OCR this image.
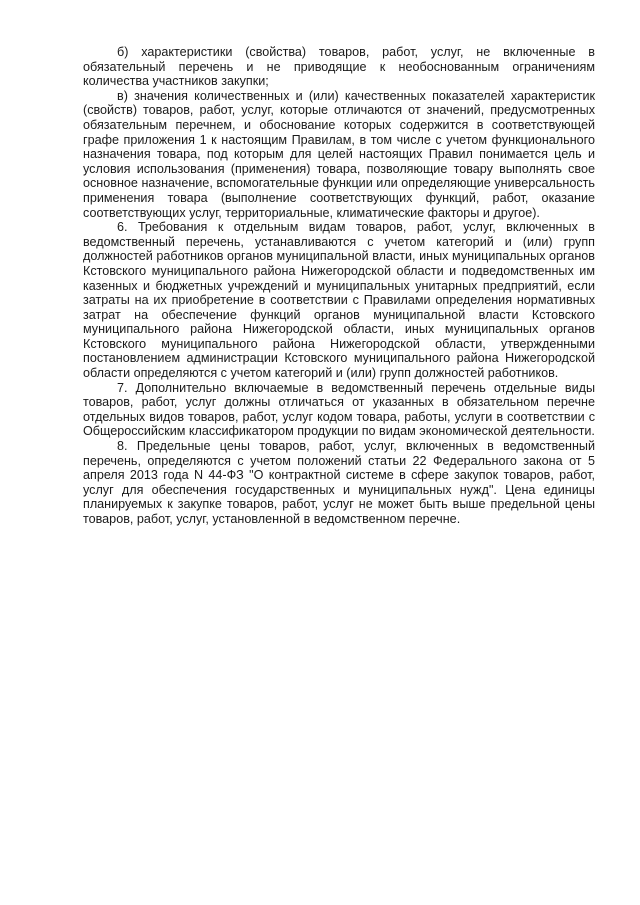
б) характеристики (свойства) товаров, работ, услуг, не включенные в обязательный перечень и не приводящие к необоснованным ограничениям количества участников закупки;

в) значения количественных и (или) качественных показателей характеристик (свойств) товаров, работ, услуг, которые отличаются от значений, предусмотренных обязательным перечнем, и обоснование которых содержится в соответствующей графе приложения 1 к настоящим Правилам, в том числе с учетом функционального назначения товара, под которым для целей настоящих Правил понимается цель и условия использования (применения) товара, позволяющие товару выполнять свое основное назначение, вспомогательные функции или определяющие универсальность применения товара (выполнение соответствующих функций, работ, оказание соответствующих услуг, территориальные, климатические факторы и другое).

6. Требования к отдельным видам товаров, работ, услуг, включенных в ведомственный перечень, устанавливаются с учетом категорий и (или) групп должностей работников органов муниципальной власти, иных муниципальных органов Кстовского муниципального района Нижегородской области и подведомственных им казенных и бюджетных учреждений и муниципальных унитарных предприятий, если затраты на их приобретение в соответствии с Правилами определения нормативных затрат на обеспечение функций органов муниципальной власти Кстовского муниципального района Нижегородской области, иных муниципальных органов Кстовского муниципального района Нижегородской области, утвержденными постановлением администрации Кстовского муниципального района Нижегородской области определяются с учетом категорий и (или) групп должностей работников.

7. Дополнительно включаемые в ведомственный перечень отдельные виды товаров, работ, услуг должны отличаться от указанных в обязательном перечне отдельных видов товаров, работ, услуг кодом товара, работы, услуги в соответствии с Общероссийским классификатором продукции по видам экономической деятельности.

8. Предельные цены товаров, работ, услуг, включенных в ведомственный перечень, определяются с учетом положений статьи 22 Федерального закона от 5 апреля 2013 года N 44-ФЗ "О контрактной системе в сфере закупок товаров, работ, услуг для обеспечения государственных и муниципальных нужд". Цена единицы планируемых к закупке товаров, работ, услуг не может быть выше предельной цены товаров, работ, услуг, установленной в ведомственном перечне.
